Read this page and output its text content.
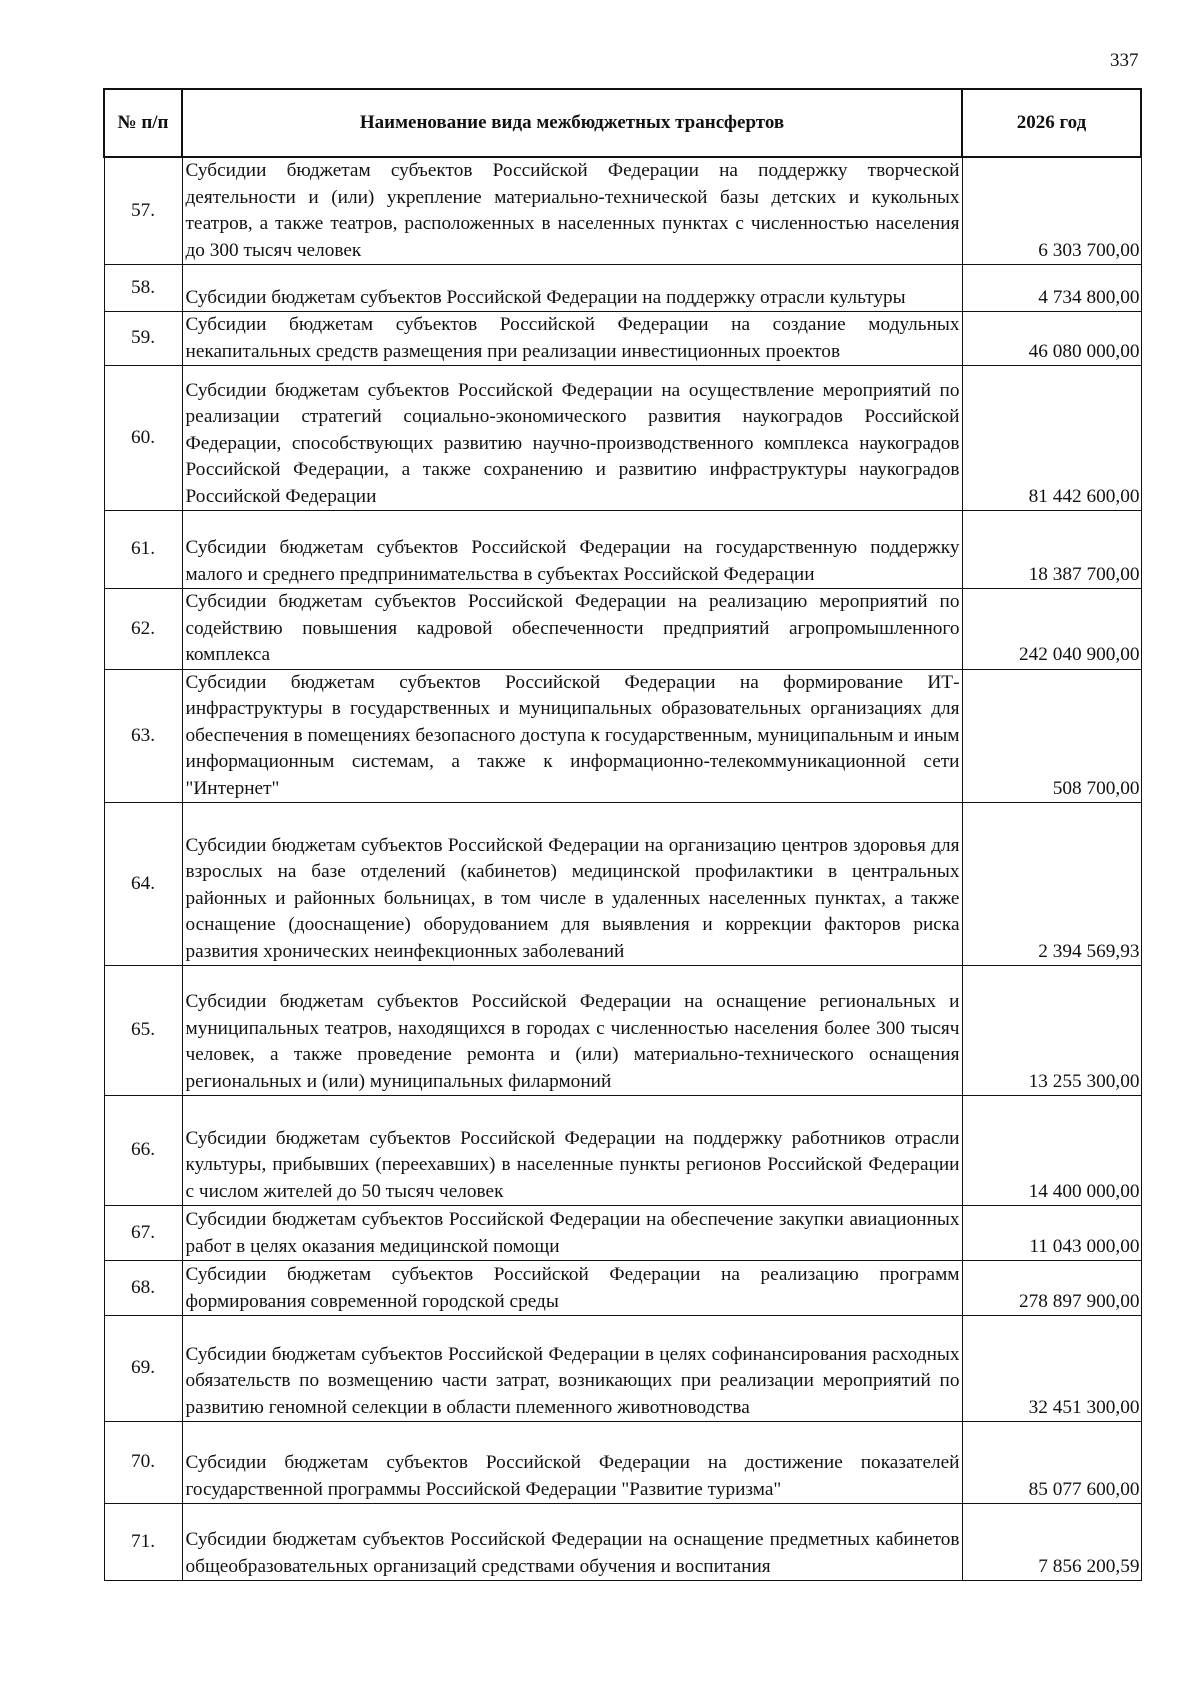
337
№ п/п	Наименование вида межбюджетных трансфертов	2026 год
57.	Субсидии бюджетам субъектов Российской Федерации на поддержку творческой деятельности и (или) укрепление материально-технической базы детских и кукольных театров, а также театров, расположенных в населенных пунктах с численностью населения до 300 тысяч человек	6 303 700,00
58.	Субсидии бюджетам субъектов Российской Федерации на поддержку отрасли культуры	4 734 800,00
59.	Субсидии бюджетам субъектов Российской Федерации на создание модульных некапитальных средств размещения при реализации инвестиционных проектов	46 080 000,00
60.	Субсидии бюджетам субъектов Российской Федерации на осуществление мероприятий по реализации стратегий социально-экономического развития наукоградов Российской Федерации, способствующих развитию научно-производственного комплекса наукоградов Российской Федерации, а также сохранению и развитию инфраструктуры наукоградов Российской Федерации	81 442 600,00
61.	Субсидии бюджетам субъектов Российской Федерации на государственную поддержку малого и среднего предпринимательства в субъектах Российской Федерации	18 387 700,00
62.	Субсидии бюджетам субъектов Российской Федерации на реализацию мероприятий по содействию повышения кадровой обеспеченности предприятий агропромышленного комплекса	242 040 900,00
63.	Субсидии бюджетам субъектов Российской Федерации на формирование ИТ-инфраструктуры в государственных и муниципальных образовательных организациях для обеспечения в помещениях безопасного доступа к государственным, муниципальным и иным информационным системам, а также к информационно-телекоммуникационной сети "Интернет"	508 700,00
64.	Субсидии бюджетам субъектов Российской Федерации на организацию центров здоровья для взрослых на базе отделений (кабинетов) медицинской профилактики в центральных районных и районных больницах, в том числе в удаленных населенных пунктах, а также оснащение (дооснащение) оборудованием для выявления и коррекции факторов риска развития хронических неинфекционных заболеваний	2 394 569,93
65.	Субсидии бюджетам субъектов Российской Федерации на оснащение региональных и муниципальных театров, находящихся в городах с численностью населения более 300 тысяч человек, а также проведение ремонта и (или) материально-технического оснащения региональных и (или) муниципальных филармоний	13 255 300,00
66.	Субсидии бюджетам субъектов Российской Федерации на поддержку работников отрасли культуры, прибывших (переехавших) в населенные пункты регионов Российской Федерации с числом жителей до 50 тысяч человек	14 400 000,00
67.	Субсидии бюджетам субъектов Российской Федерации на обеспечение закупки авиационных работ в целях оказания медицинской помощи	11 043 000,00
68.	Субсидии бюджетам субъектов Российской Федерации на реализацию программ формирования современной городской среды	278 897 900,00
69.	Субсидии бюджетам субъектов Российской Федерации в целях софинансирования расходных обязательств по возмещению части затрат, возникающих при реализации мероприятий по развитию геномной селекции в области племенного животноводства	32 451 300,00
70.	Субсидии бюджетам субъектов Российской Федерации на достижение показателей государственной программы Российской Федерации "Развитие туризма"	85 077 600,00
71.	Субсидии бюджетам субъектов Российской Федерации на оснащение предметных кабинетов общеобразовательных организаций средствами обучения и воспитания	7 856 200,59
